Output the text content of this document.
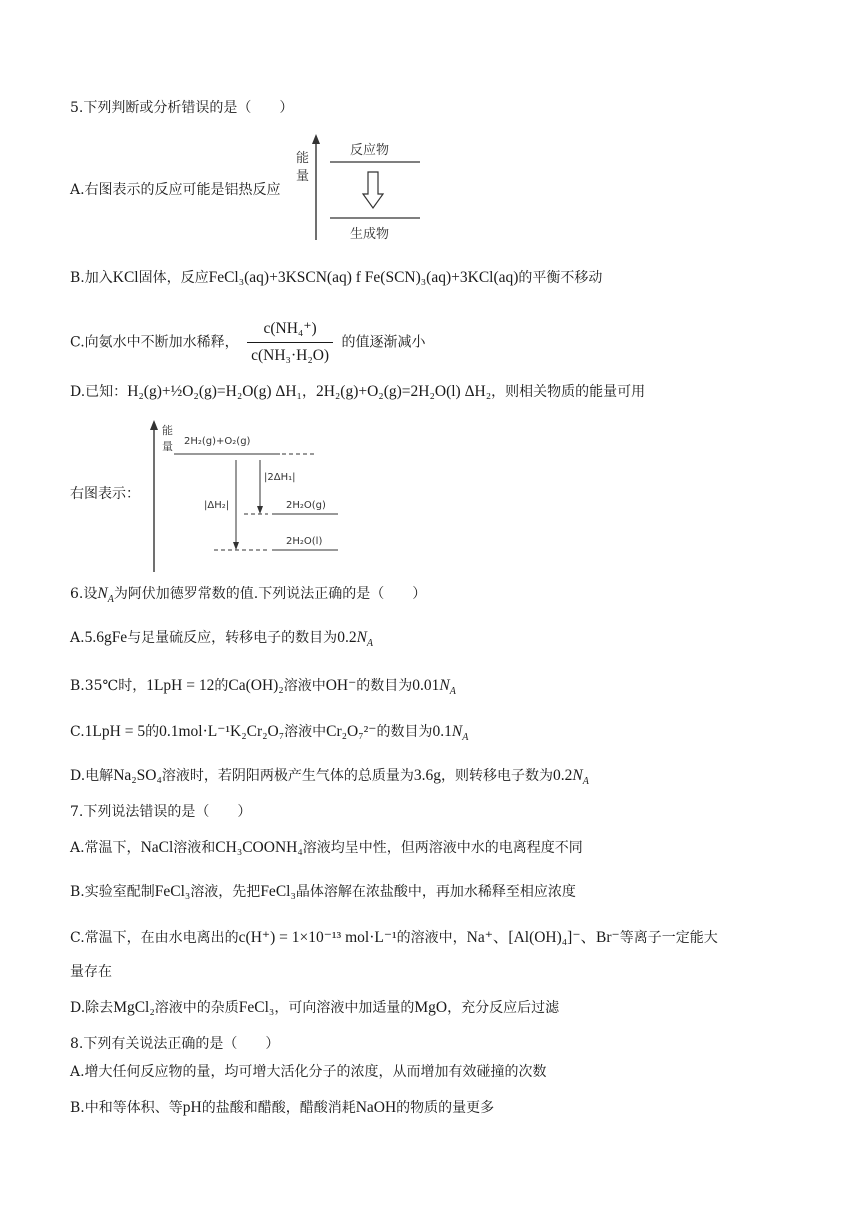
5.下列判断或分析错误的是（　　）
A.右图表示的反应可能是铝热反应
能
量
反应物
生成物
B.加入KCl固体，反应FeCl₃(aq)+3KSCN(aq) f Fe(SCN)₃(aq)+3KCl(aq)的平衡不移动
C.向氨水中不断加水稀释， $\frac{\text{c(NH₄⁺)}}{\text{c(NH₃·H₂O)}}$ 的值逐渐减小
D.已知：H₂(g)+½O₂(g)=H₂O(g) ΔH₁，2H₂(g)+O₂(g)=2H₂O(l) ΔH₂，则相关物质的能量可用
右图表示：
能
量 2H₂(g)+O₂(g)
|2ΔH₁|
|ΔH₂|	2H₂O(g)
2H₂O(l)
6.设$N_A$为阿伏加德罗常数的值.下列说法正确的是（　　）
A.5.6gFe与足量硫反应，转移电子的数目为$0.2N_A$
B.35℃时，1LpH = 12的Ca(OH)₂溶液中OH⁻的数目为$0.01N_A$
C.1LpH = 5的0.1mol·L⁻¹K₂Cr₂O₇溶液中Cr₂O₇²⁻的数目为$0.1N_A$
D.电解Na₂SO₄溶液时，若阴阳两极产生气体的总质量为3.6g，则转移电子数为$0.2N_A$
7.下列说法错误的是（　　）
A.常温下，NaCl溶液和CH₃COONH₄溶液均呈中性，但两溶液中水的电离程度不同
B.实验室配制FeCl₃溶液，先把FeCl₃晶体溶解在浓盐酸中，再加水稀释至相应浓度
C.常温下，在由水电离出的c(H⁺) = 1×10⁻¹³ mol·L⁻¹的溶液中，Na⁺、[Al(OH)₄]⁻、Br⁻等离子一定能大
量存在
D.除去MgCl₂溶液中的杂质FeCl₃，可向溶液中加适量的MgO，充分反应后过滤
8.下列有关说法正确的是（　　）
A.增大任何反应物的量，均可增大活化分子的浓度，从而增加有效碰撞的次数
B.中和等体积、等pH的盐酸和醋酸，醋酸消耗NaOH的物质的量更多
